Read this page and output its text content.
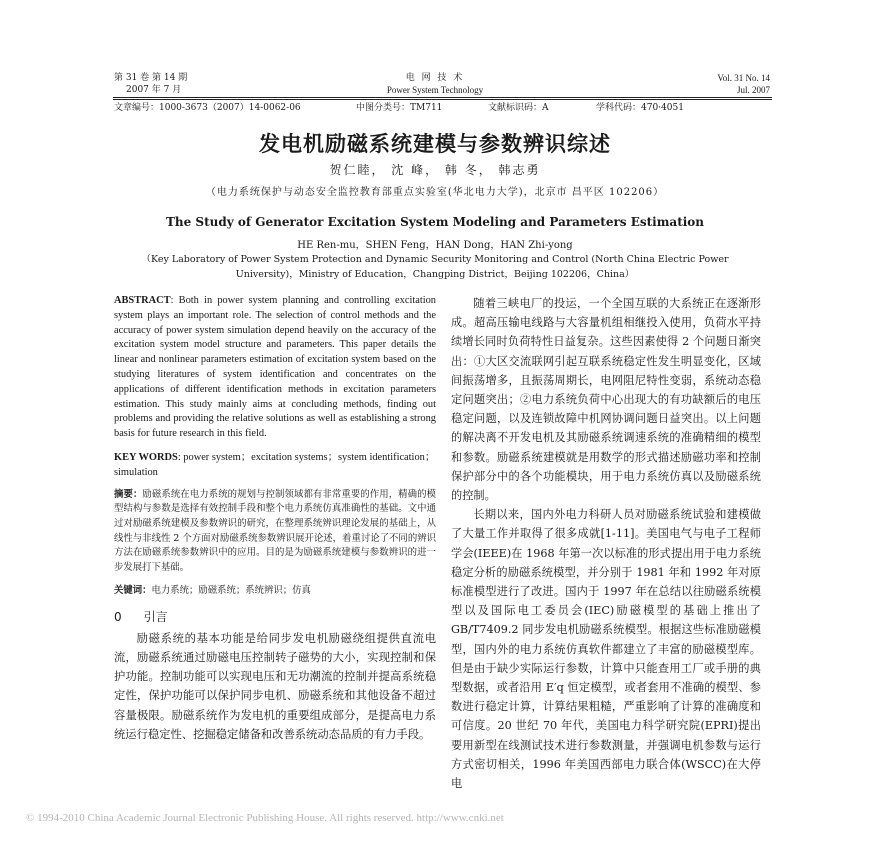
第 31 卷 第 14 期
2007 年 7 月
电 网 技 术
Power System Technology
Vol. 31 No. 14
Jul. 2007
文章编号：1000-3673（2007）14-0062-06	中图分类号：TM711	文献标识码：A	学科代码：470·4051
发电机励磁系统建模与参数辨识综述
贺仁睦， 沈 峰， 韩 冬， 韩志勇
（电力系统保护与动态安全监控教育部重点实验室(华北电力大学)，北京市 昌平区 102206）
The Study of Generator Excitation System Modeling and Parameters Estimation
HE Ren-mu，SHEN Feng，HAN Dong，HAN Zhi-yong
（Key Laboratory of Power System Protection and Dynamic Security Monitoring and Control (North China Electric Power University)，Ministry of Education，Changping District，Beijing 102206，China）

ABSTRACT: Both in power system planning and controlling excitation system plays an important role. The selection of control methods and the accuracy of power system simulation depend heavily on the accuracy of the excitation system model structure and parameters. This paper details the linear and nonlinear parameters estimation of excitation system based on the studying literatures of system identification and concentrates on the applications of different identification methods in excitation parameters estimation. This study mainly aims at concluding methods, finding out problems and providing the relative solutions as well as establishing a strong basis for future research in this field.

KEY WORDS: power system；excitation systems；system identification；simulation

摘要：励磁系统在电力系统的规划与控制领域都有非常重要的作用，精确的模型结构与参数是选择有效控制手段和整个电力系统仿真准确性的基础。文中通过对励磁系统建模及参数辨识的研究，在整理系统辨识理论发展的基础上，从线性与非线性 2 个方面对励磁系统参数辨识展开论述，着重讨论了不同的辨识方法在励磁系统参数辨识中的应用。目的是为励磁系统建模与参数辨识的进一步发展打下基础。

关键词：电力系统；励磁系统；系统辨识；仿真

0 引言

励磁系统的基本功能是给同步发电机励磁绕组提供直流电流，励磁系统通过励磁电压控制转子磁势的大小，实现控制和保护功能。控制功能可以实现电压和无功潮流的控制并提高系统稳定性，保护功能可以保护同步电机、励磁系统和其他设备不超过容量极限。励磁系统作为发电机的重要组成部分，是提高电力系统运行稳定性、挖掘稳定储备和改善系统动态品质的有力手段。

随着三峡电厂的投运，一个全国互联的大系统正在逐渐形成。超高压输电线路与大容量机组相继投入使用，负荷水平持续增长同时负荷特性日益复杂。这些因素使得 2 个问题日渐突出：①大区交流联网引起互联系统稳定性发生明显变化，区域间振荡增多，且振荡周期长，电网阻尼特性变弱，系统动态稳定问题突出；②电力系统负荷中心出现大的有功缺额后的电压稳定问题，以及连锁故障中机网协调问题日益突出。以上问题的解决离不开发电机及其励磁系统调速系统的准确精细的模型和参数。励磁系统建模就是用数学的形式描述励磁功率和控制保护部分中的各个功能模块，用于电力系统仿真以及励磁系统的控制。

长期以来，国内外电力科研人员对励磁系统试验和建模做了大量工作并取得了很多成就[1-11]。美国电气与电子工程师学会(IEEE)在 1968 年第一次以标准的形式提出用于电力系统稳定分析的励磁系统模型，并分别于 1981 年和 1992 年对原标准模型进行了改进。国内于 1997 年在总结以往励磁系统模型以及国际电工委员会(IEC)励磁模型的基础上推出了 GB/T7409.2 同步发电机励磁系统模型。根据这些标准励磁模型，国内外的电力系统仿真软件都建立了丰富的励磁模型库。但是由于缺少实际运行参数，计算中只能查用工厂或手册的典型数据，或者沿用 E′q 恒定模型，或者套用不准确的模型、参数进行稳定计算，计算结果粗糙，严重影响了计算的准确度和可信度。20 世纪 70 年代，美国电力科学研究院(EPRI)提出要用新型在线测试技术进行参数测量，并强调电机参数与运行方式密切相关，1996 年美国西部电力联合体(WSCC)在大停电

© 1994-2010 China Academic Journal Electronic Publishing House. All rights reserved. http://www.cnki.net
